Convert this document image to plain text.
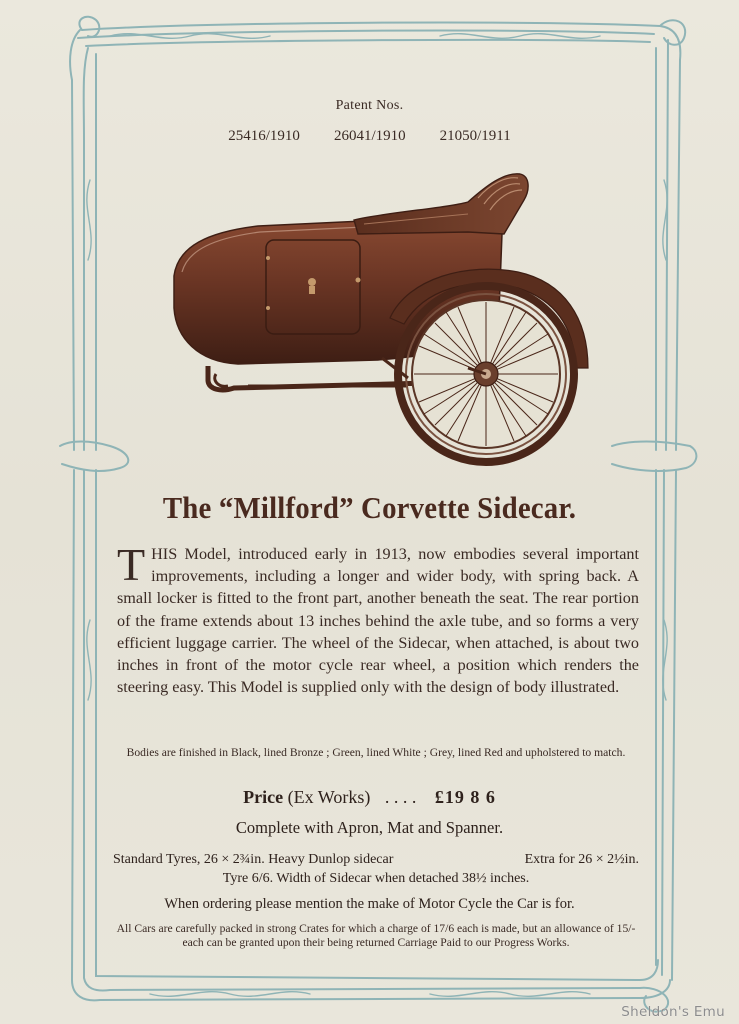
Patent Nos.
25416/1910 26041/1910 21050/1911
The “Millford” Corvette Sidecar.
THIS Model, introduced early in 1913, now embodies several important improvements, including a longer and wider body, with spring back. A small locker is fitted to the front part, another beneath the seat. The rear portion of the frame extends about 13 inches behind the axle tube, and so forms a very efficient luggage carrier. The wheel of the Sidecar, when attached, is about two inches in front of the motor cycle rear wheel, a position which renders the steering easy. This Model is supplied only with the design of body illustrated.
Bodies are finished in Black, lined Bronze ; Green, lined White ; Grey, lined Red and upholstered to match.
Price (Ex Works) . . . . £19 8 6
Complete with Apron, Mat and Spanner.
Standard Tyres, 26 × 2¾in. Heavy Dunlop sidecar	Extra for 26 × 2½in.
Tyre 6/6. Width of Sidecar when detached 38½ inches.
When ordering please mention the make of Motor Cycle the Car is for.
All Cars are carefully packed in strong Crates for which a charge of 17/6 each is made, but an allowance of 15/- each can be granted upon their being returned Carriage Paid to our Progress Works.
Sheldon's Emu
